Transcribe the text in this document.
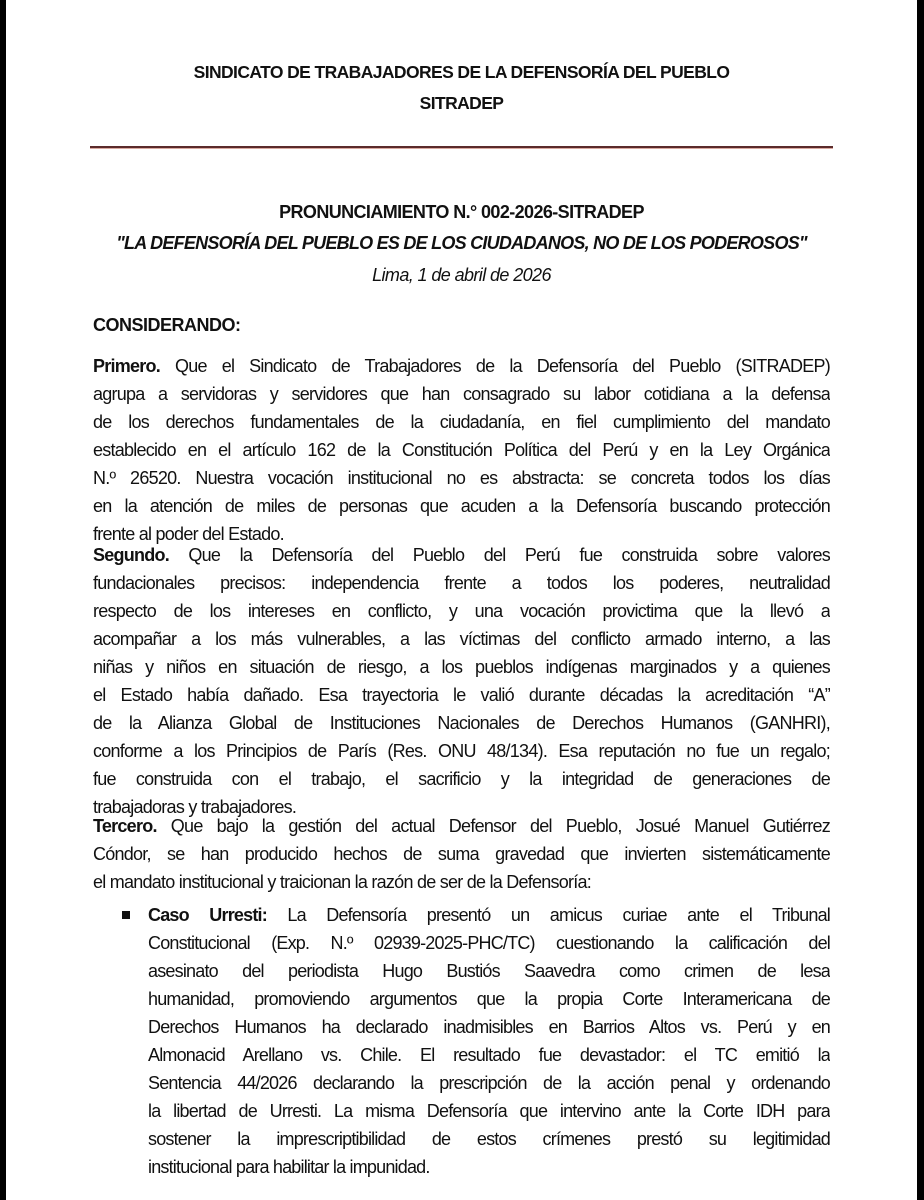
SINDICATO DE TRABAJADORES DE LA DEFENSORÍA DEL PUEBLO
SITRADEP
PRONUNCIAMIENTO N.° 002-2026-SITRADEP
"LA DEFENSORÍA DEL PUEBLO ES DE LOS CIUDADANOS, NO DE LOS PODEROSOS"
Lima, 1 de abril de 2026
CONSIDERANDO:
Primero. Que el Sindicato de Trabajadores de la Defensoría del Pueblo (SITRADEP)
agrupa a servidoras y servidores que han consagrado su labor cotidiana a la defensa
de los derechos fundamentales de la ciudadanía, en fiel cumplimiento del mandato
establecido en el artículo 162 de la Constitución Política del Perú y en la Ley Orgánica
N.º 26520. Nuestra vocación institucional no es abstracta: se concreta todos los días
en la atención de miles de personas que acuden a la Defensoría buscando protección
frente al poder del Estado.
Segundo. Que la Defensoría del Pueblo del Perú fue construida sobre valores
fundacionales precisos: independencia frente a todos los poderes, neutralidad
respecto de los intereses en conflicto, y una vocación provictima que la llevó a
acompañar a los más vulnerables, a las víctimas del conflicto armado interno, a las
niñas y niños en situación de riesgo, a los pueblos indígenas marginados y a quienes
el Estado había dañado. Esa trayectoria le valió durante décadas la acreditación “A”
de la Alianza Global de Instituciones Nacionales de Derechos Humanos (GANHRI),
conforme a los Principios de París (Res. ONU 48/134). Esa reputación no fue un regalo;
fue construida con el trabajo, el sacrificio y la integridad de generaciones de
trabajadoras y trabajadores.
Tercero. Que bajo la gestión del actual Defensor del Pueblo, Josué Manuel Gutiérrez
Cóndor, se han producido hechos de suma gravedad que invierten sistemáticamente
el mandato institucional y traicionan la razón de ser de la Defensoría:
Caso Urresti: La Defensoría presentó un amicus curiae ante el Tribunal
Constitucional (Exp. N.º 02939-2025-PHC/TC) cuestionando la calificación del
asesinato del periodista Hugo Bustiós Saavedra como crimen de lesa
humanidad, promoviendo argumentos que la propia Corte Interamericana de
Derechos Humanos ha declarado inadmisibles en Barrios Altos vs. Perú y en
Almonacid Arellano vs. Chile. El resultado fue devastador: el TC emitió la
Sentencia 44/2026 declarando la prescripción de la acción penal y ordenando
la libertad de Urresti. La misma Defensoría que intervino ante la Corte IDH para
sostener la imprescriptibilidad de estos crímenes prestó su legitimidad
institucional para habilitar la impunidad.
